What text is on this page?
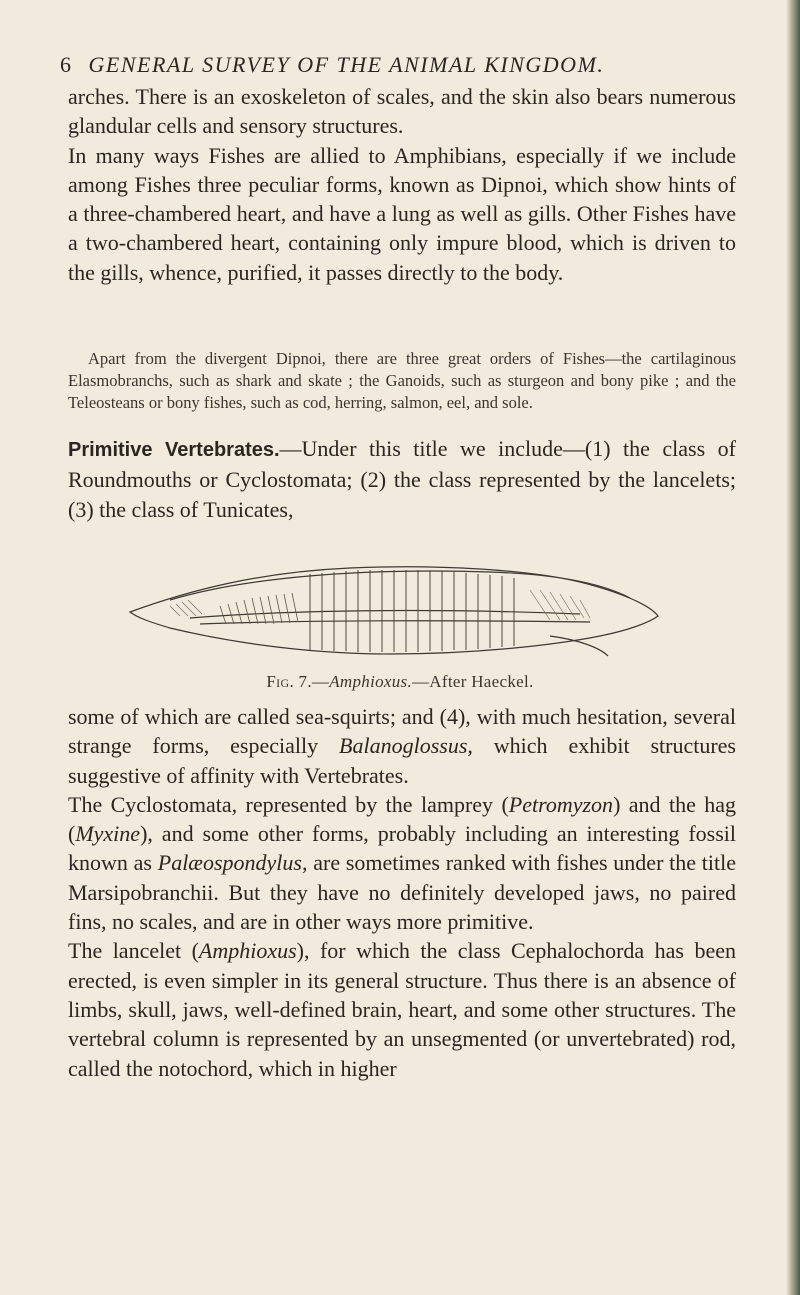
6 GENERAL SURVEY OF THE ANIMAL KINGDOM.

arches. There is an exoskeleton of scales, and the skin also bears numerous glandular cells and sensory structures.

In many ways Fishes are allied to Amphibians, especially if we include among Fishes three peculiar forms, known as Dipnoi, which show hints of a three-chambered heart, and have a lung as well as gills. Other Fishes have a two-chambered heart, containing only impure blood, which is driven to the gills, whence, purified, it passes directly to the body.

Apart from the divergent Dipnoi, there are three great orders of Fishes—the cartilaginous Elasmobranchs, such as shark and skate ; the Ganoids, such as sturgeon and bony pike ; and the Teleosteans or bony fishes, such as cod, herring, salmon, eel, and sole.

Primitive Vertebrates.—Under this title we include—(1) the class of Roundmouths or Cyclostomata; (2) the class represented by the lancelets; (3) the class of Tunicates,

Fig. 7.—Amphioxus.—After Haeckel.

some of which are called sea-squirts; and (4), with much hesitation, several strange forms, especially Balanoglossus, which exhibit structures suggestive of affinity with Vertebrates.

The Cyclostomata, represented by the lamprey (Petromyzon) and the hag (Myxine), and some other forms, probably including an interesting fossil known as Palæospondylus, are sometimes ranked with fishes under the title Marsipobranchii. But they have no definitely developed jaws, no paired fins, no scales, and are in other ways more primitive.

The lancelet (Amphioxus), for which the class Cephalochorda has been erected, is even simpler in its general structure. Thus there is an absence of limbs, skull, jaws, well-defined brain, heart, and some other structures. The vertebral column is represented by an unsegmented (or unvertebrated) rod, called the notochord, which in higher
